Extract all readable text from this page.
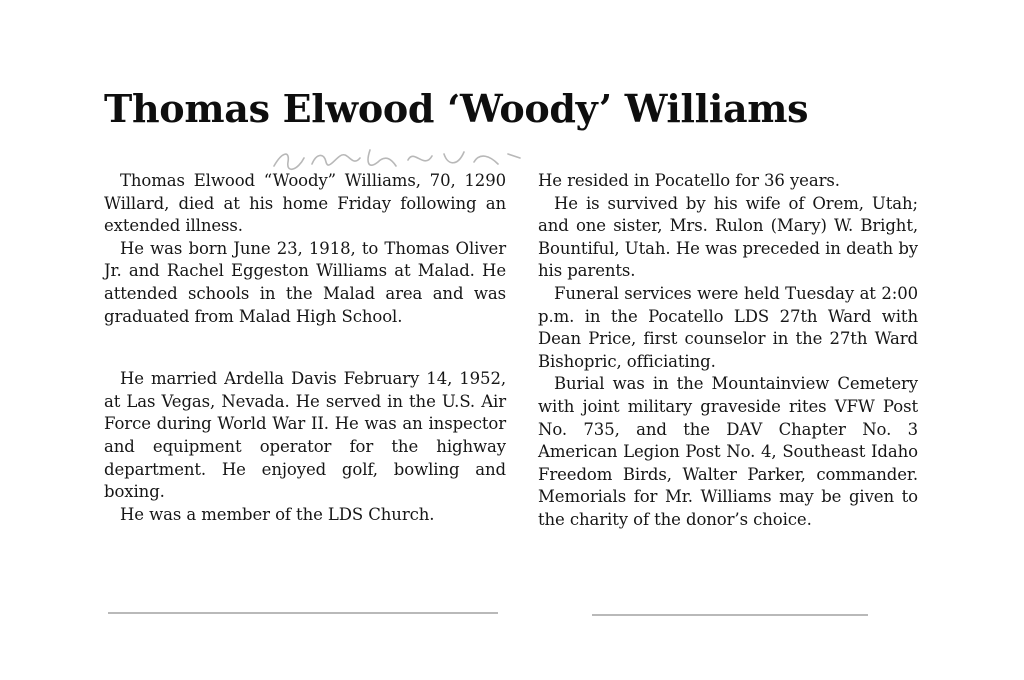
Thomas Elwood ‘Woody’ Williams

Thomas Elwood “Woody” Williams, 70, 1290 Willard, died at his home Friday following an extended illness.

He was born June 23, 1918, to Thomas Oliver Jr. and Rachel Eggeston Williams at Malad. He attended schools in the Malad area and was graduated from Malad High School.

He married Ardella Davis February 14, 1952, at Las Vegas, Nevada. He served in the U.S. Air Force during World War II. He was an inspector and equipment operator for the highway department. He enjoyed golf, bowling and boxing.

He was a member of the LDS Church.

He resided in Pocatello for 36 years.

He is survived by his wife of Orem, Utah; and one sister, Mrs. Rulon (Mary) W. Bright, Bountiful, Utah. He was preceded in death by his parents.

Funeral services were held Tuesday at 2:00 p.m. in the Pocatello LDS 27th Ward with Dean Price, first counselor in the 27th Ward Bishopric, officiating.

Burial was in the Mountainview Cemetery with joint military graveside rites VFW Post No. 735, and the DAV Chapter No. 3 American Legion Post No. 4, Southeast Idaho Freedom Birds, Walter Parker, commander. Memorials for Mr. Williams may be given to the charity of the donor’s choice.
